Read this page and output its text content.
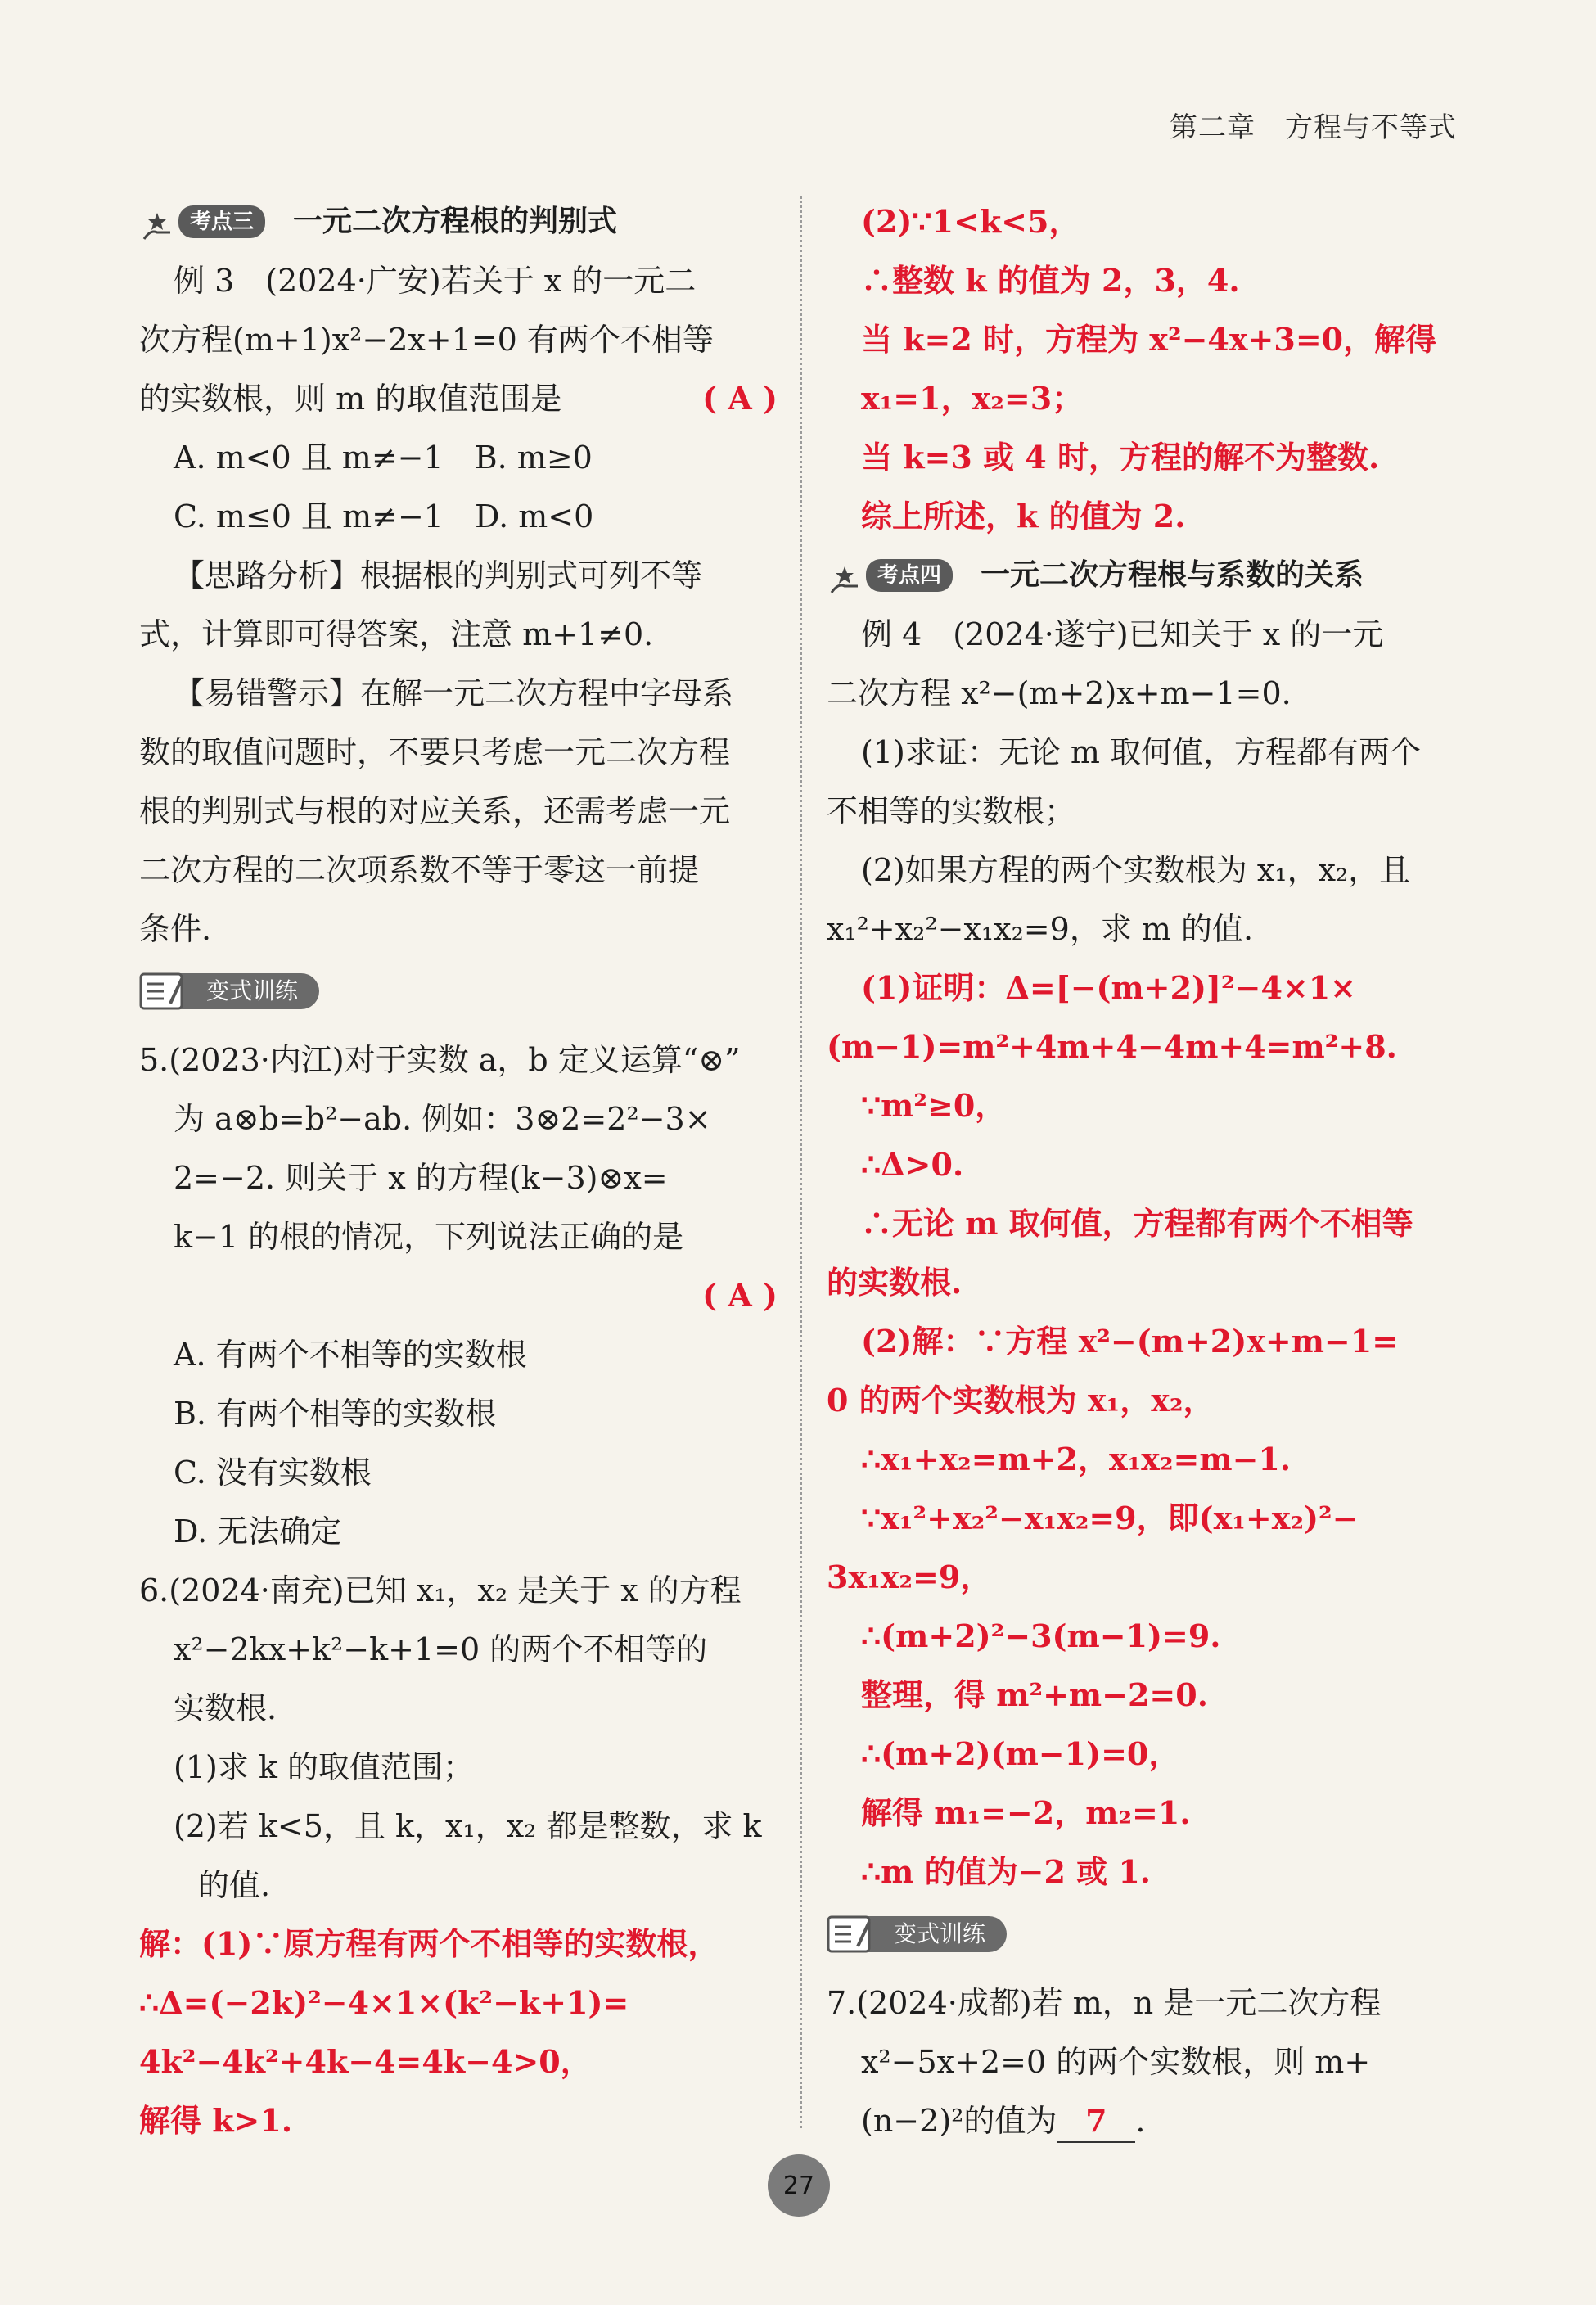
第二章 方程与不等式
考点三	一元二次方程根的判别式

例 3　(2024·广安)若关于 x 的一元二

次方程(m+1)x²−2x+1=0 有两个不相等

的实数根，则 m 的取值范围是	( A )

A. m<0 且 m≠−1　B. m≥0

C. m≤0 且 m≠−1　D. m<0

【思路分析】根据根的判别式可列不等

式，计算即可得答案，注意 m+1≠0.

【易错警示】在解一元二次方程中字母系

数的取值问题时，不要只考虑一元二次方程

根的判别式与根的对应关系，还需考虑一元

二次方程的二次项系数不等于零这一前提

条件.

变式训练

5.(2023·内江)对于实数 a，b 定义运算“⊗”

为 a⊗b=b²−ab. 例如：3⊗2=2²−3×

2=−2. 则关于 x 的方程(k−3)⊗x=

k−1 的根的情况，下列说法正确的是

( A )

A. 有两个不相等的实数根

B. 有两个相等的实数根

C. 没有实数根

D. 无法确定

6.(2024·南充)已知 x₁，x₂ 是关于 x 的方程

x²−2kx+k²−k+1=0 的两个不相等的

实数根.

(1)求 k 的取值范围；

(2)若 k<5，且 k，x₁，x₂ 都是整数，求 k

的值.

解：(1)∵原方程有两个不相等的实数根，

∴Δ=(−2k)²−4×1×(k²−k+1)=

4k²−4k²+4k−4=4k−4>0，

解得 k>1.

(2)∵1<k<5，

∴整数 k 的值为 2，3，4.

当 k=2 时，方程为 x²−4x+3=0，解得

x₁=1，x₂=3；

当 k=3 或 4 时，方程的解不为整数.

综上所述，k 的值为 2.

考点四	一元二次方程根与系数的关系

例 4　(2024·遂宁)已知关于 x 的一元

二次方程 x²−(m+2)x+m−1=0.

(1)求证：无论 m 取何值，方程都有两个

不相等的实数根；

(2)如果方程的两个实数根为 x₁，x₂，且

x₁²+x₂²−x₁x₂=9，求 m 的值.

(1)证明：Δ=[−(m+2)]²−4×1×

(m−1)=m²+4m+4−4m+4=m²+8.

∵m²≥0，

∴Δ>0.

∴无论 m 取何值，方程都有两个不相等

的实数根.

(2)解：∵方程 x²−(m+2)x+m−1=

0 的两个实数根为 x₁，x₂，

∴x₁+x₂=m+2，x₁x₂=m−1.

∵x₁²+x₂²−x₁x₂=9，即(x₁+x₂)²−

3x₁x₂=9，

∴(m+2)²−3(m−1)=9.

整理，得 m²+m−2=0.

∴(m+2)(m−1)=0，

解得 m₁=−2，m₂=1.

∴m 的值为−2 或 1.

变式训练

7.(2024·成都)若 m，n 是一元二次方程

x²−5x+2=0 的两个实数根，则 m+

(n−2)²的值为 7 .

27
